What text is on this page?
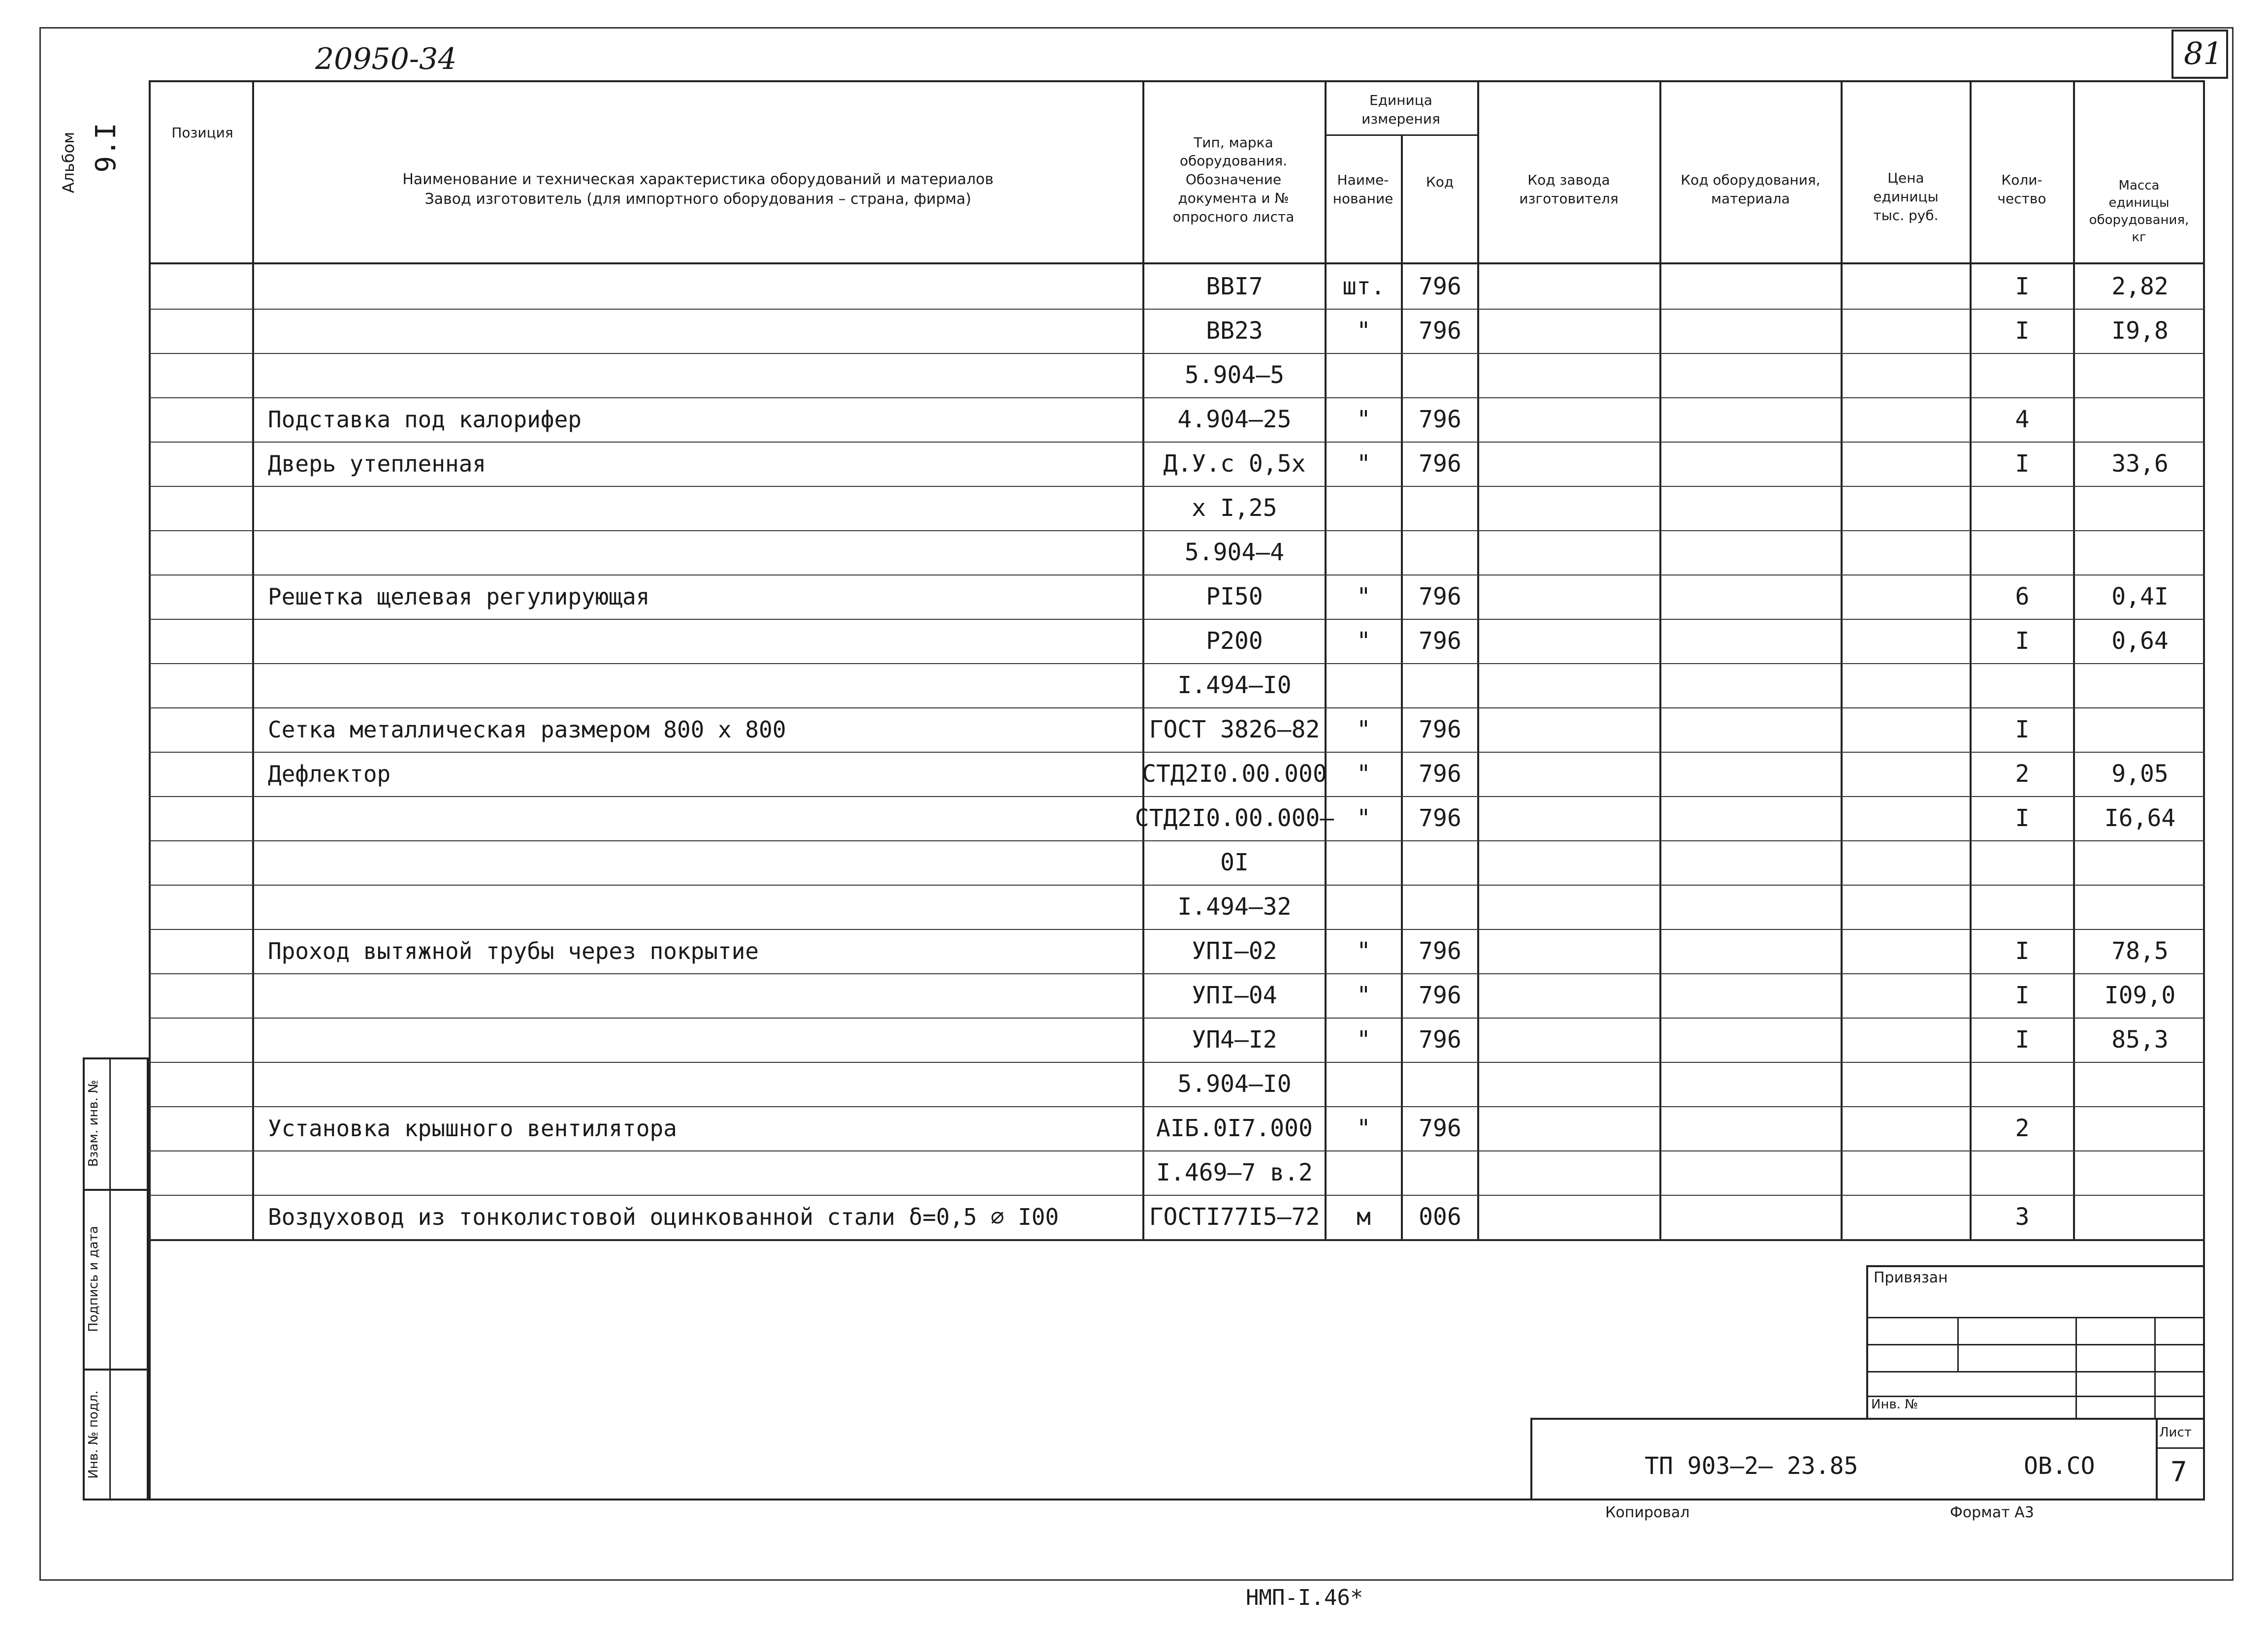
20950-34	81
Альбом 9.I	Позиция
Наименование и техническая характеристика оборудований и материалов
Завод изготовитель (для импортного оборудования – страна, фирма)
Тип, марка
оборудования.
Обозначение
документа и №
опросного листа
Единица
измерения
Наиме-
нование
Код	Код завода
изготовителя
Код оборудования,
материала
Цена
единицы
тыс. руб.
Коли-
чество
Масса
единицы
оборудования,
кг
ВВI7	шт.	796	I	2,82
ВВ23	"	796	I	I9,8
5.904–5
Подставка под калорифер	4.904–25	"	796	4
Дверь утепленная	Д.У.с 0,5х	"	796	I	33,6
х I,25
5.904–4
Решетка щелевая регулирующая	РI50	"	796	6	0,4I
Р200	"	796	I	0,64
I.494–I0
Сетка металлическая размером 800 х 800	ГОСТ 3826–82	"	796	I
Дефлектор	СТД2I0.00.000	"	796	2	9,05
СТД2I0.00.000– "	796	I	I6,64
0I
I.494–32
Проход вытяжной трубы через покрытие	УПI–02	"	796	I	78,5
УПI–04	"	796	I	I09,0
УП4–I2	"	796	I	85,3
5.904–I0
Установка крышного вентилятора	АIБ.0I7.000	"	796	2
I.469–7 в.2
Воздуховод из тонколистовой оцинкованной стали δ=0,5 ∅ I00	ГОСТI77I5–72	м	006	3
Взам. инв. №
Подпись и дата
Инв. № подл.
Привязан
Инв. №
Лист
ТП 903–2– 23.85	ОВ.СО	7
Копировал	Формат А3
НМП-I.46*
